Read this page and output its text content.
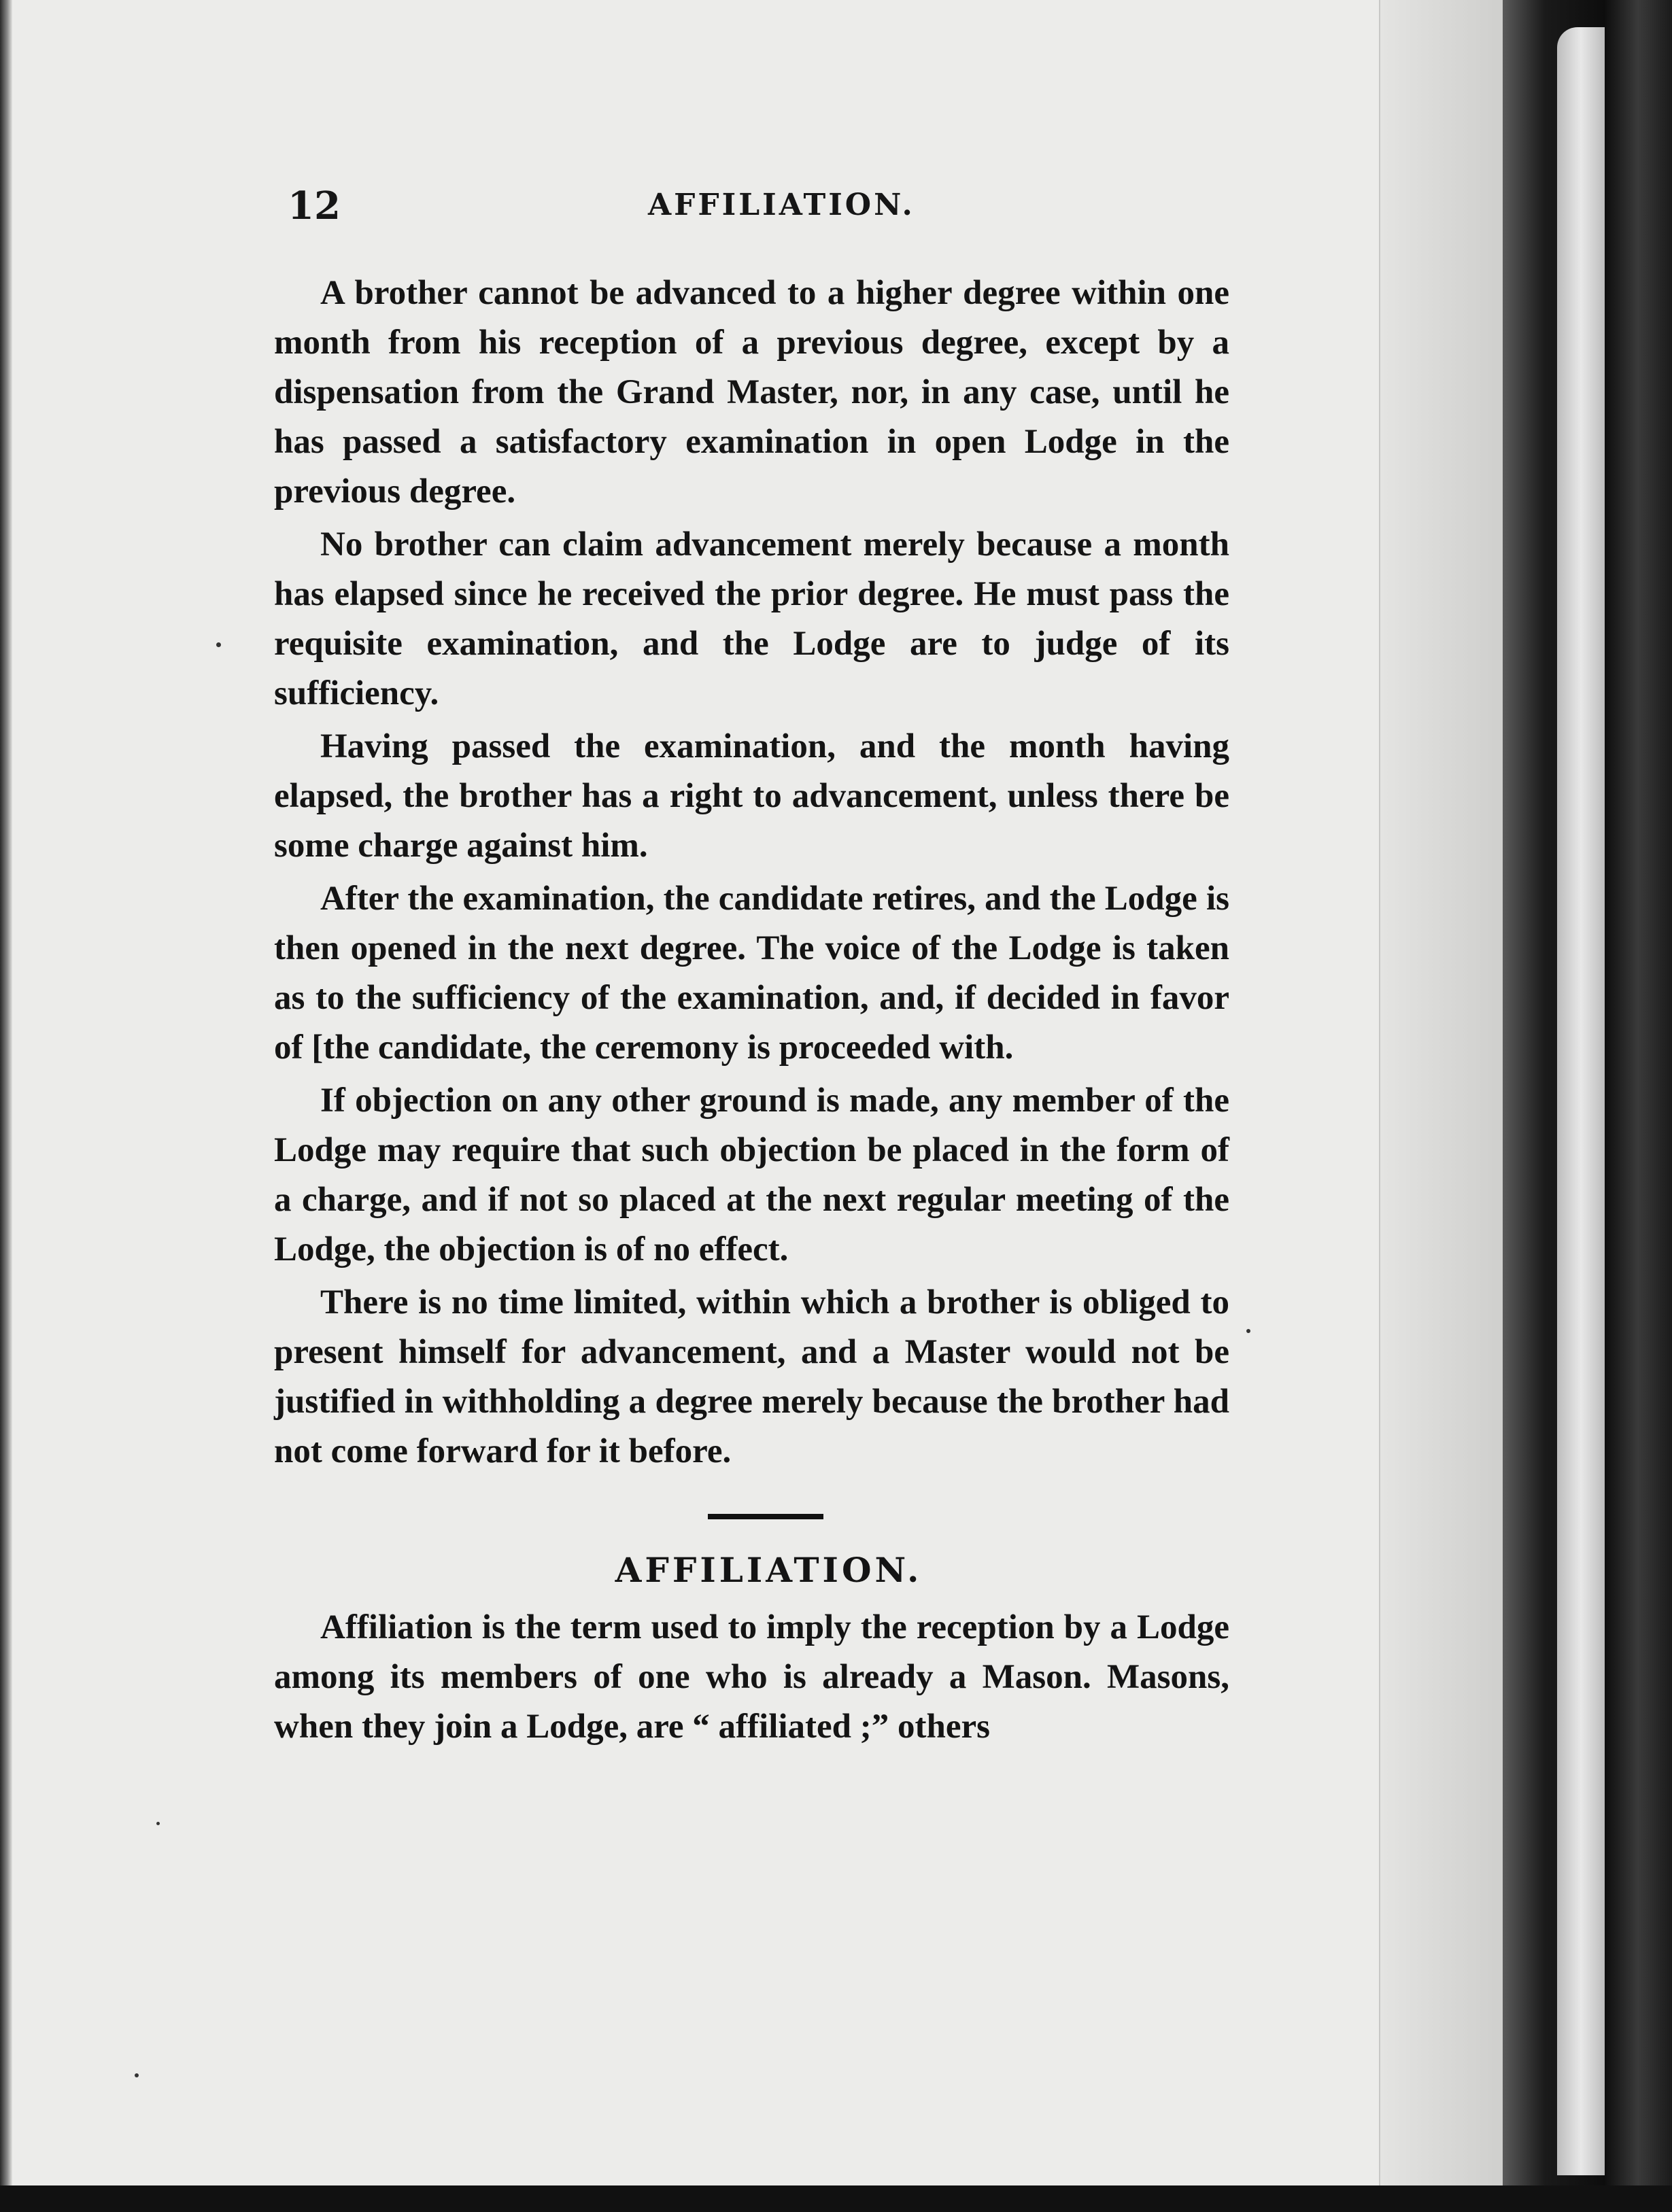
12	AFFILIATION.

A brother cannot be advanced to a higher degree within one month from his reception of a previous degree, except by a dispensation from the Grand Master, nor, in any case, until he has passed a satisfactory examination in open Lodge in the previous degree.

No brother can claim advancement merely because a month has elapsed since he received the prior degree. He must pass the requisite examination, and the Lodge are to judge of its sufficiency.

Having passed the examination, and the month having elapsed, the brother has a right to advancement, unless there be some charge against him.

After the examination, the candidate retires, and the Lodge is then opened in the next degree. The voice of the Lodge is taken as to the sufficiency of the examination, and, if decided in favor of [the candidate, the ceremony is proceeded with.

If objection on any other ground is made, any member of the Lodge may require that such objection be placed in the form of a charge, and if not so placed at the next regular meeting of the Lodge, the objection is of no effect.

There is no time limited, within which a brother is obliged to present himself for advancement, and a Master would not be justified in withholding a degree merely because the brother had not come forward for it before.

AFFILIATION.

Affiliation is the term used to imply the reception by a Lodge among its members of one who is already a Mason. Masons, when they join a Lodge, are “ affiliated ;” others
